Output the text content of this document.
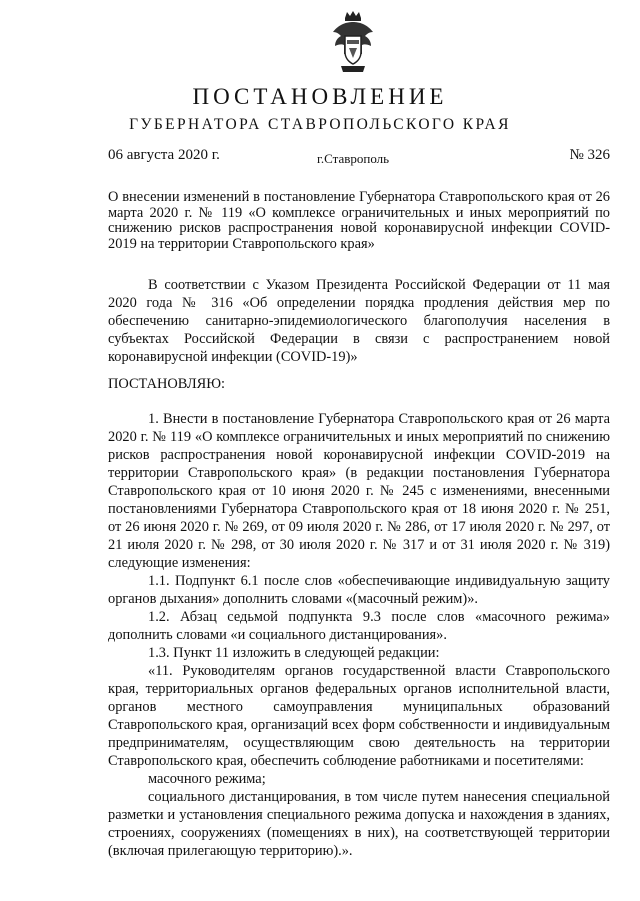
ПОСТАНОВЛЕНИЕ
ГУБЕРНАТОРА СТАВРОПОЛЬСКОГО КРАЯ
06 августа 2020 г.	г.Ставрополь	№ 326

О внесении изменений в постановление Губернатора Ставропольского края от 26 марта 2020 г. № 119 «О комплексе ограничительных и иных мероприятий по снижению рисков распространения новой коронавирусной инфекции COVID-2019 на территории Ставропольского края»

В соответствии с Указом Президента Российской Федерации от 11 мая 2020 года № 316 «Об определении порядка продления действия мер по обеспечению санитарно-эпидемиологического благополучия населения в субъектах Российской Федерации в связи с распространением новой коронавирусной инфекции (COVID-19)»

ПОСТАНОВЛЯЮ:

1. Внести в постановление Губернатора Ставропольского края от 26 марта 2020 г. № 119 «О комплексе ограничительных и иных мероприятий по снижению рисков распространения новой коронавирусной инфекции COVID-2019 на территории Ставропольского края» (в редакции постановления Губернатора Ставропольского края от 10 июня 2020 г. № 245 с изменениями, внесенными постановлениями Губернатора Ставропольского края от 18 июня 2020 г. № 251, от 26 июня 2020 г. № 269, от 09 июля 2020 г. № 286, от 17 июля 2020 г. № 297, от 21 июля 2020 г. № 298, от 30 июля 2020 г. № 317 и от 31 июля 2020 г. № 319) следующие изменения:

1.1. Подпункт 6.1 после слов «обеспечивающие индивидуальную защиту органов дыхания» дополнить словами «(масочный режим)».

1.2. Абзац седьмой подпункта 9.3 после слов «масочного режима» дополнить словами «и социального дистанцирования».

1.3. Пункт 11 изложить в следующей редакции:

«11. Руководителям органов государственной власти Ставропольского края, территориальных органов федеральных органов исполнительной власти, органов местного самоуправления муниципальных образований Ставропольского края, организаций всех форм собственности и индивидуальным предпринимателям, осуществляющим свою деятельность на территории Ставропольского края, обеспечить соблюдение работниками и посетителями:

масочного режима;

социального дистанцирования, в том числе путем нанесения специальной разметки и установления специального режима допуска и нахождения в зданиях, строениях, сооружениях (помещениях в них), на соответствующей территории (включая прилегающую территорию).».
